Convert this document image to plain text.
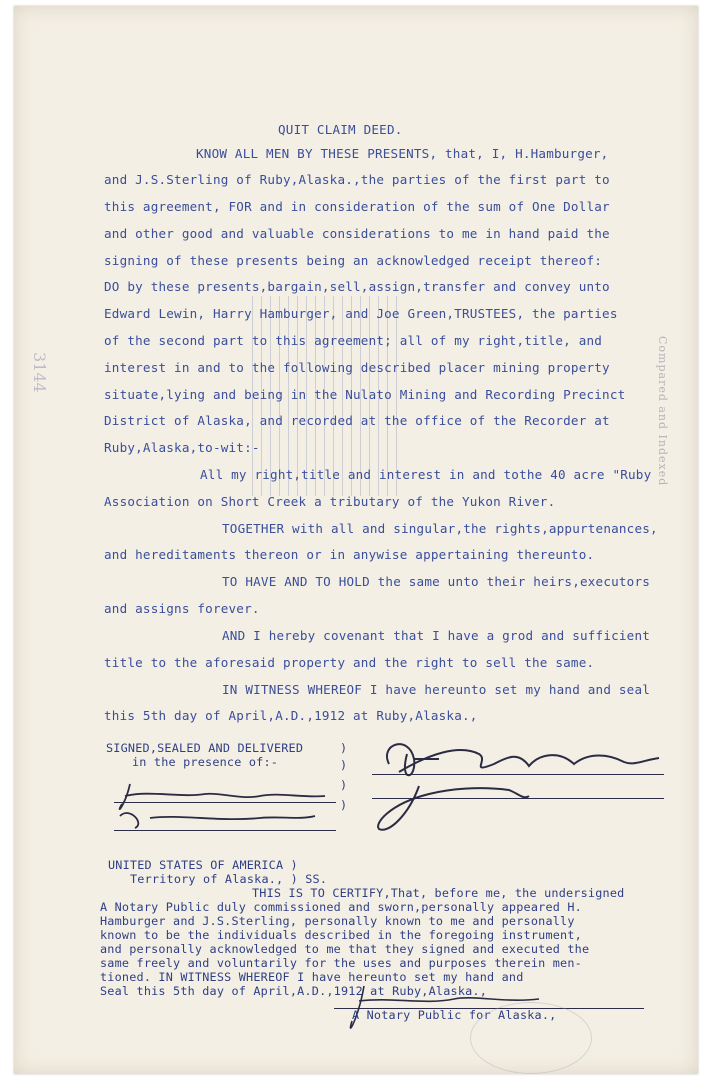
Compared and Indexed
3144
QUIT CLAIM DEED.
KNOW ALL MEN BY THESE PRESENTS, that, I, H.Hamburger,
and J.S.Sterling of Ruby,Alaska.,the parties of the first part to
this agreement, FOR and in consideration of the sum of One Dollar
and other good and valuable considerations to me in hand paid the
signing of these presents being an acknowledged receipt thereof:
DO by these presents,bargain,sell,assign,transfer and convey unto
Edward Lewin, Harry Hamburger, and Joe Green,TRUSTEES, the parties
of the second part to this agreement; all of my right,title, and
interest in and to the following described placer mining property
situate,lying and being in the Nulato Mining and Recording Precinct
District of Alaska, and recorded at the office of the Recorder at
Ruby,Alaska,to-wit:-
All my right,title and interest in and tothe 40 acre "Ruby
Association on Short Creek a tributary of the Yukon River.
TOGETHER with all and singular,the rights,appurtenances,
and hereditaments thereon or in anywise appertaining thereunto.
TO HAVE AND TO HOLD the same unto their heirs,executors
and assigns forever.
AND I hereby covenant that I have a grod and sufficient
title to the aforesaid property and the right to sell the same.
IN WITNESS WHEREOF I have hereunto set my hand and seal
this 5th day of April,A.D.,1912 at Ruby,Alaska.,
SIGNED,SEALED AND DELIVERED
in the presence of:-
)
)
)
)
UNITED STATES OF AMERICA )
Territory of Alaska., ) SS.
THIS IS TO CERTIFY,That, before me, the undersigned
A Notary Public duly commissioned and sworn,personally appeared H.
Hamburger and J.S.Sterling, personally known to me and personally
known to be the individuals described in the foregoing instrument,
and personally acknowledged to me that they signed and executed the
same freely and voluntarily for the uses and purposes therein men-
tioned. IN WITNESS WHEREOF I have hereunto set my hand and
Seal this 5th day of April,A.D.,1912 at Ruby,Alaska.,
A Notary Public for Alaska.,
